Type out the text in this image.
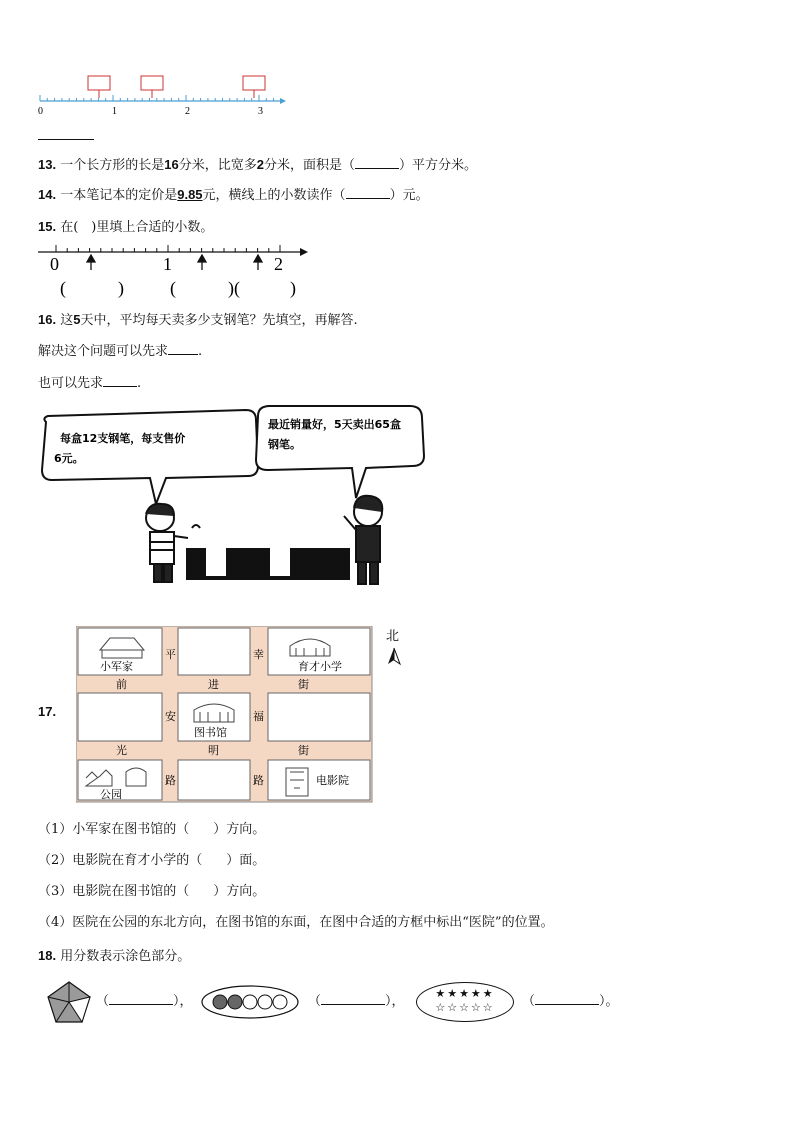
0	1	2	3
13. 一个长方形的长是16分米，比宽多2分米，面积是（	）平方分米。
14. 一本笔记本的定价是9.85元，横线上的小数读作（	）元。
15. 在(　)里填上合适的小数。
0	1	2
(	)	(	) (	)
16. 这5天中，平均每天卖多少支钢笔？先填空，再解答.
解决这个问题可以先求 .
也可以先求	.
每盒12支钢笔，每支售价
6元。
最近销量好，5天卖出65盒
钢笔。
17.
小军家	育才小学
图书馆
公园
电影院
平
安
路
幸
福
路
前	进	街
光	明	街
北
（1）小军家在图书馆的（ ）方向。
（2）电影院在育才小学的（ ）面。
（3）电影院在图书馆的（ ）方向。
（4）医院在公园的东北方向，在图书馆的东面，在图中合适的方框中标出“医院”的位置。
18. 用分数表示涂色部分。
（	），	（	），
★★★★★
☆☆☆☆☆	（	）。
